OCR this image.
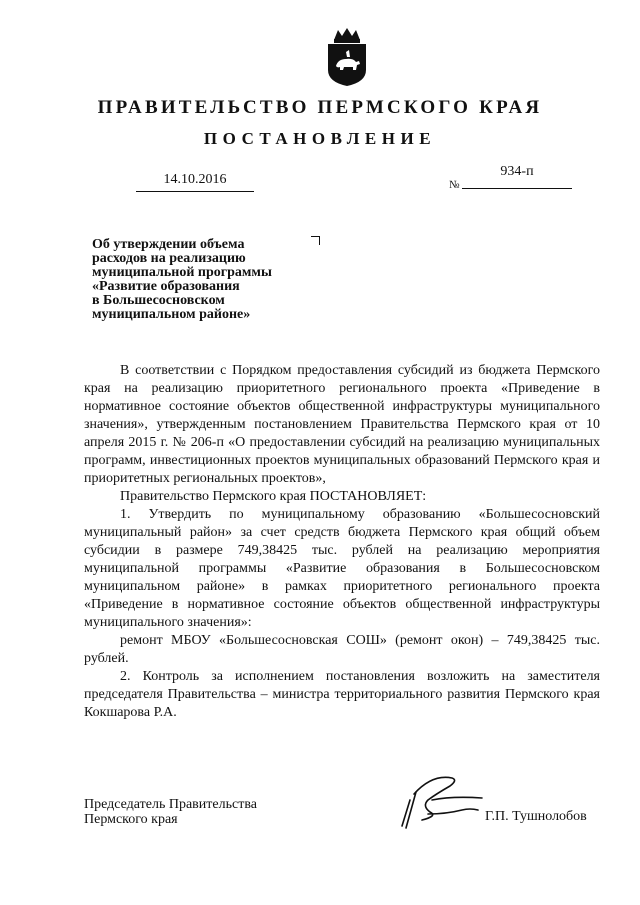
ПРАВИТЕЛЬСТВО ПЕРМСКОГО КРАЯ
ПОСТАНОВЛЕНИЕ
14.10.2016	№
934-п
Об утверждении объема
расходов на реализацию
муниципальной программы
«Развитие образования
в Большесосновском
муниципальном районе»

В соответствии с Порядком предоставления субсидий из бюджета Пермского края на реализацию приоритетного регионального проекта «Приведение в нормативное состояние объектов общественной инфраструктуры муниципального значения», утвержденным постановлением Правительства Пермского края от 10 апреля 2015 г. № 206-п «О предоставлении субсидий на реализацию муниципальных программ, инвестиционных проектов муниципальных образований Пермского края и приоритетных региональных проектов»,

Правительство Пермского края ПОСТАНОВЛЯЕТ:

1. Утвердить по муниципальному образованию «Большесосновский муниципальный район» за счет средств бюджета Пермского края общий объем субсидии в размере 749,38425 тыс. рублей на реализацию мероприятия муниципальной программы «Развитие образования в Большесосновском муниципальном районе» в рамках приоритетного регионального проекта «Приведение в нормативное состояние объектов общественной инфраструктуры муниципального значения»:

ремонт МБОУ «Большесосновская СОШ» (ремонт окон) – 749,38425 тыс. рублей.

2. Контроль за исполнением постановления возложить на заместителя председателя Правительства – министра территориального развития Пермского края Кокшарова Р.А.

Председатель Правительства
Пермского края	Г.П. Тушнолобов
